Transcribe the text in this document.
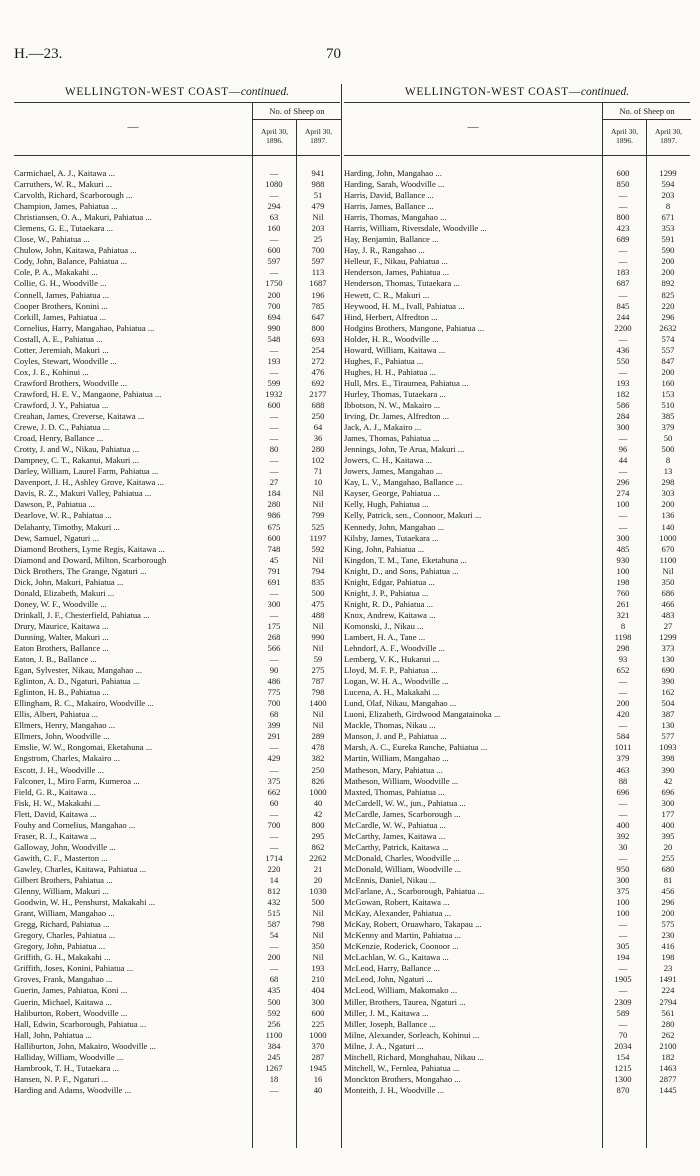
H.—23.	70
WELLINGTON-WEST COAST—continued.
—
No. of Sheep on
April 30,
1896.
April 30,
1897.
Carmichael, A. J., Kaitawa ...	—	941
Carruthers, W. R., Makuri ...	1080	988
Carvolth, Richard, Scarborough ...	—	51
Champion, James, Pahiatua ...	294	479
Christiansen, O. A., Makuri, Pahiatua ...	63	Nil
Clemens, G. E., Tutaekara ...	160	203
Close, W., Pahiatua ...	—	25
Chulow, John, Kaitawa, Pahiatua ...	600	700
Cody, John, Balance, Pahiatua ...	597	597
Cole, P. A., Makakahi ...	—	113
Collie, G. H., Woodville ...	1750	1687
Connell, James, Pahiatua ...	200	196
Cooper Brothers, Konini ...	700	785
Corkill, James, Pahiatua ...	694	647
Cornelius, Harry, Mangahao, Pahiatua ...	990	800
Costall, A. E., Pahiatua ...	548	693
Cotter, Jeremiah, Makuri ...	—	254
Coyles, Stewart, Woodville ...	193	272
Cox, J. E., Kohinui ...	—	476
Crawford Brothers, Woodville ...	599	692
Crawford, H. E. V., Mangaone, Pahiatua ...	1932	2177
Crawford, J. Y., Pahiatua ...	600	688
Creahan, James, Creverse, Kaitawa ...	—	250
Crewe, J. D. C., Pahiatua ...	—	64
Croad, Henry, Ballance ...	—	36
Crotty, J. and W., Nikau, Pahiatua ...	80	280
Dampney, C. T., Rakanui, Makuri ...	—	102
Darley, William, Laurel Farm, Pahiatua ...	—	71
Davenport, J. H., Ashley Grove, Kaitawa ...	27	10
Davis, R. Z., Makuri Valley, Pahiatua ...	184	Nil
Dawson, P., Pahiatua ...	280	Nil
Dearlove, W. R., Pahiatua ...	986	799
Delahanty, Timothy, Makuri ...	675	525
Dew, Samuel, Ngaturi ...	600	1197
Diamond Brothers, Lyme Regis, Kaitawa ...	748	592
Diamond and Doward, Milton, Scarborough	45	Nil
Dick Brothers, The Grange, Ngaturi ...	791	794
Dick, John, Makuri, Pahiatua ...	691	835
Donald, Elizabeth, Makuri ...	—	500
Doney, W. F., Woodville ...	300	475
Drinkall, J. F., Chesterfield, Pahiatua ...	—	488
Drury, Maurice, Kaitawa ...	175	Nil
Dunning, Walter, Makuri ...	268	990
Eaton Brothers, Ballance ...	566	Nil
Eaton, J. B., Ballance ...	—	59
Egan, Sylvester, Nikau, Mangahao ...	90	275
Eglinton, A. D., Ngaturi, Pahiatua ...	486	787
Eglinton, H. B., Pahiatua ...	775	798
Ellingham, R. C., Makairo, Woodville ...	700	1400
Ellis, Albert, Pahiatua ...	68	Nil
Ellmers, Henry, Mangahao ...	399	Nil
Ellmers, John, Woodville ...	291	289
Emslie, W. W., Rongomai, Eketahuna ...	—	478
Engstrom, Charles, Makairo ...	429	382
Escott, J. H., Woodville ...	—	250
Falconer, I., Miro Farm, Kumeroa ...	375	826
Field, G. R., Kaitawa ...	662	1000
Fisk, H. W., Makakahi ...	60	40
Flett, David, Kaitawa ...	—	42
Fouhy and Cornelius, Mangahao ...	700	800
Fraser, R. J., Kaitawa ...	—	295
Galloway, John, Woodville ...	—	862
Gawith, C. F., Masterton ...	1714	2262
Gawley, Charles, Kaitawa, Pahiatua ...	220	21
Gilbert Brothers, Pahiatua ...	14	20
Glenny, William, Makuri ...	812	1030
Goodwin, W. H., Penshurst, Makakahi ...	432	500
Grant, William, Mangahao ...	515	Nil
Gregg, Richard, Pahiatua ...	587	798
Gregory, Charles, Pahiatua ...	54	Nil
Gregory, John, Pahiatua ...	—	350
Griffith, G. H., Makakahi ...	200	Nil
Griffith, Joses, Konini, Pahiatua ...	—	193
Groves, Frank, Mangahao ...	68	210
Guerin, James, Pahiatua, Koni ...	435	404
Guerin, Michael, Kaitawa ...	500	300
Haliburton, Robert, Woodville ...	592	600
Hall, Edwin, Scarborough, Pahiatua ...	256	225
Hall, John, Pahiatua ...	1100	1000
Halliburton, John, Makairo, Woodville ...	384	370
Halliday, William, Woodville ...	245	287
Hambrook, T. H., Tutaekara ...	1267	1945
Hansen, N. P. F., Ngaturi ...	18	16
Harding and Adams, Woodville ...	—	40
WELLINGTON-WEST COAST—continued.
—
No. of Sheep on
April 30,
1896.
April 30,
1897.
Harding, John, Mangahao ...	600	1299
Harding, Sarah, Woodville ...	850	594
Harris, David, Ballance ...	—	203
Harris, James, Ballance ...	—	8
Harris, Thomas, Mangahao ...	800	671
Harris, William, Riversdale, Woodville ...	423	353
Hay, Benjamin, Ballance ...	689	591
Hay, J. R., Rangahao ...	—	590
Helleur, F., Nikau, Pahiatua ...	—	200
Henderson, James, Pahiatua ...	183	200
Henderson, Thomas, Tutaekara ...	687	892
Hewett, C. R., Makuri ...	—	825
Heywood, H. M., Ivall, Pahiatua ...	845	220
Hind, Herbert, Alfredton ...	244	296
Hodgins Brothers, Mangone, Pahiatua ...	2200	2632
Holder, H. R., Woodville ...	—	574
Howard, William, Kaitawa ...	436	557
Hughes, F., Pahiatua ...	550	847
Hughes, H. H., Pahiatua ...	—	200
Hull, Mrs. E., Tiraumea, Pahiatua ...	193	160
Hurley, Thomas, Tutaekara ...	182	153
Ibbotson, N. W., Makairo ...	586	510
Irving, Dr. James, Alfredton ...	284	385
Jack, A. J., Makairo ...	300	379
James, Thomas, Pahiatua ...	—	50
Jennings, John, Te Arua, Makuri ...	96	500
Jowers, C. H., Kaitawa ...	44	8
Jowers, James, Mangahao ...	—	13
Kay, L. V., Mangahao, Ballance ...	296	298
Kayser, George, Pahiatua ...	274	303
Kelly, Hugh, Pahiatua ...	100	200
Kelly, Patrick, sen., Coonoor, Makuri ...	—	136
Kennedy, John, Mangahao ...	—	140
Kilsby, James, Tutaekara ...	300	1000
King, John, Pahiatua ...	485	670
Kingdon, T. M., Tane, Eketahuna ...	930	1100
Knight, D., and Sons, Pahiatua ...	100	Nil
Knight, Edgar, Pahiatua ...	198	350
Knight, J. P., Pahiatua ...	760	686
Knight, R. D., Pahiatua ...	261	466
Knox, Andrew, Kaitawa ...	321	483
Komonski, J., Nikau ...	8	27
Lambert, H. A., Tane ...	1198	1299
Lehndorf, A. F., Woodville ...	298	373
Lemberg, V. K., Hukanui ...	93	130
Lloyd, M. F. P., Pahiatua ...	652	690
Logan, W. H. A., Woodville ...	—	390
Lucena, A. H., Makakahi ...	—	162
Lund, Olaf, Nikau, Mangahao ...	200	504
Luoni, Elizabeth, Girdwood Mangatainoka ...	420	387
Mackle, Thomas, Nikau ...	—	130
Manson, J. and P., Pahiatua ...	584	577
Marsh, A. C., Eureka Ranche, Pahiatua ...	1011	1093
Martin, William, Mangahao ...	379	398
Matheson, Mary, Pahiatua ...	463	390
Matheson, William, Woodville ...	88	42
Maxted, Thomas, Pahiatua ...	696	696
McCardell, W. W., jun., Pahiatua ...	—	300
McCardle, James, Scarborough ...	—	177
McCardle, W. W., Pahiatua ...	400	400
McCarthy, James, Kaitawa ...	392	395
McCarthy, Patrick, Kaitawa ...	30	20
McDonald, Charles, Woodville ...	—	255
McDonald, William, Woodville ...	950	680
McEnnis, Daniel, Nikau ...	300	81
McFarlane, A., Scarborough, Pahiatua ...	375	456
McGowan, Robert, Kaitawa ...	100	296
McKay, Alexander, Pahiatua ...	100	200
McKay, Robert, Oruawharo, Takapau ...	—	575
McKenny and Martin, Pahiatua ...	—	230
McKenzie, Roderick, Coonoor ...	305	416
McLachlan, W. G., Kaitawa ...	194	198
McLeod, Harry, Ballance ...	—	23
McLeod, John, Ngaturi ...	1905	1491
McLeod, William, Makomako ...	—	224
Miller, Brothers, Taurea, Ngaturi ...	2309	2794
Miller, J. M., Kaitawa ...	589	561
Miller, Joseph, Ballance ...	—	280
Milne, Alexander, Sorleach, Kohinui ...	70	262
Milne, J. A., Ngaturi ...	2034	2100
Mitchell, Richard, Monghahau, Nikau ...	154	182
Mitchell, W., Fernlea, Pahiatua ...	1215	1463
Monckton Brothers, Mongahao ...	1300	2877
Monteith, J. H., Woodville ...	870	1445
